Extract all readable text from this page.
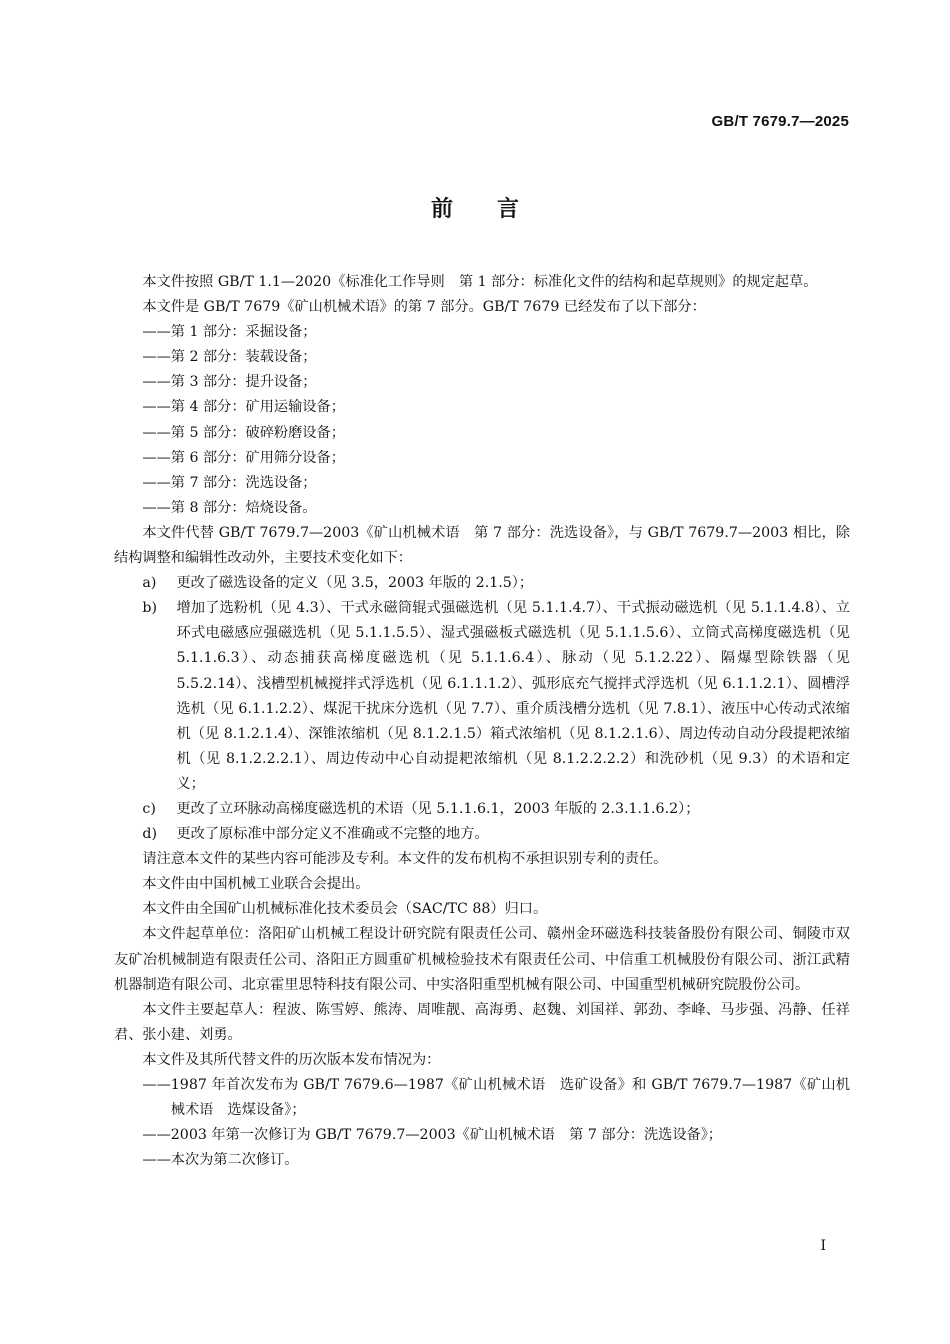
GB/T 7679.7—2025
前言

本文件按照 GB/T 1.1—2020《标准化工作导则　第 1 部分：标准化文件的结构和起草规则》的规定起草。

本文件是 GB/T 7679《矿山机械术语》的第 7 部分。GB/T 7679 已经发布了以下部分：

——第 1 部分：采掘设备；

——第 2 部分：装载设备；

——第 3 部分：提升设备；

——第 4 部分：矿用运输设备；

——第 5 部分：破碎粉磨设备；

——第 6 部分：矿用筛分设备；

——第 7 部分：洗选设备；

——第 8 部分：焙烧设备。

本文件代替 GB/T 7679.7—2003《矿山机械术语　第 7 部分：洗选设备》，与 GB/T 7679.7—2003 相比，除结构调整和编辑性改动外，主要技术变化如下：

a)	更改了磁选设备的定义（见 3.5，2003 年版的 2.1.5）；
b)	增加了选粉机（见 4.3）、干式永磁筒辊式强磁选机（见 5.1.1.4.7）、干式振动磁选机（见 5.1.1.4.8）、立环式电磁感应强磁选机（见 5.1.1.5.5）、湿式强磁板式磁选机（见 5.1.1.5.6）、立筒式高梯度磁选机（见 5.1.1.6.3）、动态捕获高梯度磁选机（见 5.1.1.6.4）、脉动（见 5.1.2.22）、隔爆型除铁器（见 5.5.2.14）、浅槽型机械搅拌式浮选机（见 6.1.1.1.2）、弧形底充气搅拌式浮选机（见 6.1.1.2.1）、圆槽浮选机（见 6.1.1.2.2）、煤泥干扰床分选机（见 7.7）、重介质浅槽分选机（见 7.8.1）、液压中心传动式浓缩机（见 8.1.2.1.4）、深锥浓缩机（见 8.1.2.1.5）箱式浓缩机（见 8.1.2.1.6）、周边传动自动分段提耙浓缩机（见 8.1.2.2.2.1）、周边传动中心自动提耙浓缩机（见 8.1.2.2.2.2）和洗砂机（见 9.3）的术语和定义；
c)	更改了立环脉动高梯度磁选机的术语（见 5.1.1.6.1，2003 年版的 2.3.1.1.6.2）；
d)	更改了原标准中部分定义不准确或不完整的地方。

请注意本文件的某些内容可能涉及专利。本文件的发布机构不承担识别专利的责任。

本文件由中国机械工业联合会提出。

本文件由全国矿山机械标准化技术委员会（SAC/TC 88）归口。

本文件起草单位：洛阳矿山机械工程设计研究院有限责任公司、赣州金环磁选科技装备股份有限公司、铜陵市双友矿冶机械制造有限责任公司、洛阳正方圆重矿机械检验技术有限责任公司、中信重工机械股份有限公司、浙江武精机器制造有限公司、北京霍里思特科技有限公司、中实洛阳重型机械有限公司、中国重型机械研究院股份公司。

本文件主要起草人：程波、陈雪婷、熊涛、周唯靓、高海勇、赵魏、刘国祥、郭劲、李峰、马步强、冯静、任祥君、张小建、刘勇。

本文件及其所代替文件的历次版本发布情况为：

——1987 年首次发布为 GB/T 7679.6—1987《矿山机械术语　选矿设备》和 GB/T 7679.7—1987《矿山机械术语　选煤设备》；

——2003 年第一次修订为 GB/T 7679.7—2003《矿山机械术语　第 7 部分：洗选设备》；

——本次为第二次修订。

Ⅰ
